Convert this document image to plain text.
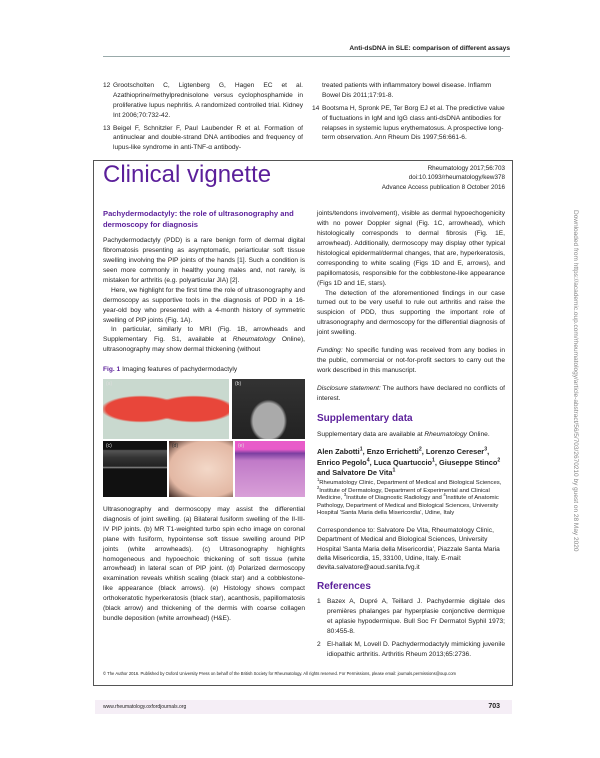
Anti-dsDNA in SLE: comparison of different assays
12 Grootscholten C, Ligtenberg G, Hagen EC et al. Azathioprine/methylprednisolone versus cyclophosphamide in proliferative lupus nephritis. A randomized controlled trial. Kidney Int 2006;70:732-42.
13 Beigel F, Schnitzler F, Paul Laubender R et al. Formation of antinuclear and double-strand DNA antibodies and frequency of lupus-like syndrome in anti-TNF-α antibody-
treated patients with inflammatory bowel disease. Inflamm Bowel Dis 2011;17:91-8.
14 Bootsma H, Spronk PE, Ter Borg EJ et al. The predictive value of fluctuations in IgM and IgG class anti-dsDNA antibodies for relapses in systemic lupus erythematosus. A prospective long-term observation. Ann Rheum Dis 1997;56:661-6.
Clinical vignette	Rheumatology 2017;56:703
doi:10.1093/rheumatology/kew378
Advance Access publication 8 October 2016
Pachydermodactyly: the role of ultrasonography and dermoscopy for diagnosis

Pachydermodactyly (PDD) is a rare benign form of dermal digital fibromatosis presenting as asymptomatic, periarticular soft tissue swelling involving the PIP joints of the hands [1]. Such a condition is seen more commonly in healthy young males and, not rarely, is mistaken for arthritis (e.g. polyarticular JIA) [2].

Here, we highlight for the first time the role of ultrasonography and dermoscopy as supportive tools in the diagnosis of PDD in a 16-year-old boy who presented with a 4-month history of symmetric swelling of PIP joints (Fig. 1A).

In particular, similarly to MRI (Fig. 1B, arrowheads and Supplementary Fig. S1, available at Rheumatology Online), ultrasonography may show dermal thickening (without

Fig. 1 Imaging features of pachydermodactyly
(a)	(b)
(c)	(d)	(e)

Ultrasonography and dermoscopy may assist the differential diagnosis of joint swelling. (a) Bilateral fusiform swelling of the II-III-IV PIP joints. (b) MR T1-weighted turbo spin echo image on coronal plane with fusiform, hypointense soft tissue swelling around PIP joints (white arrowheads). (c) Ultrasonography highlights homogeneous and hypoechoic thickening of soft tissue (white arrowhead) in lateral scan of PIP joint. (d) Polarized dermoscopy examination reveals whitish scaling (black star) and a cobblestone-like appearance (black arrows). (e) Histology shows compact orthokeratotic hyperkeratosis (black star), acanthosis, papillomatosis (black arrow) and thickening of the dermis with coarse collagen bundle deposition (white arrowhead) (H&E).

joints/tendons involvement), visible as dermal hypoechogenicity with no power Doppler signal (Fig. 1C, arrowhead), which histologically corresponds to dermal fibrosis (Fig. 1E, arrowhead). Additionally, dermoscopy may display other typical histological epidermal/dermal changes, that are, hyperkeratosis, corresponding to white scaling (Figs 1D and E, arrows), and papillomatosis, responsible for the cobblestone-like appearance (Figs 1D and 1E, stars).

The detection of the aforementioned findings in our case turned out to be very useful to rule out arthritis and raise the suspicion of PDD, thus supporting the important role of ultrasonography and dermoscopy for the differential diagnosis of joint swelling.

Funding: No specific funding was received from any bodies in the public, commercial or not-for-profit sectors to carry out the work described in this manuscript.

Disclosure statement: The authors have declared no conflicts of interest.

Supplementary data

Supplementary data are available at Rheumatology Online.

Alen Zabotti$^1$, Enzo Errichetti$^2$, Lorenzo Cereser$^3$, Enrico Pegolo$^4$, Luca Quartuccio$^1$, Giuseppe Stinco$^2$ and Salvatore De Vita$^1$
$^1$Rheumatology Clinic, Department of Medical and Biological Sciences, $^2$Institute of Dermatology, Department of Experimental and Clinical Medicine, $^3$Institute of Diagnostic Radiology and $^4$Institute of Anatomic Pathology, Department of Medical and Biological Sciences, University Hospital 'Santa Maria della Misericordia', Udine, Italy
Correspondence to: Salvatore De Vita, Rheumatology Clinic, Department of Medical and Biological Sciences, University Hospital 'Santa Maria della Misericordia', Piazzale Santa Maria della Misericordia, 15, 33100, Udine, Italy. E-mail: devita.salvatore@aoud.sanita.fvg.it
References
1 Bazex A, Dupré A, Teillard J. Pachydermie digitale des premières phalanges par hyperplasie conjonctive dermique et aplasie hypodermique. Bull Soc Fr Dermatol Syphil 1973; 80:455-8.
2 El-hallak M, Lovell D. Pachydermodactyly mimicking juvenile idiopathic arthritis. Arthritis Rheum 2013;65:2736.
© The Author 2016. Published by Oxford University Press on behalf of the British Society for Rheumatology. All rights reserved. For Permissions, please email: journals.permissions@oup.com
www.rheumatology.oxfordjournals.org	703
Downloaded from https://academic.oup.com/rheumatology/article-abstract/56/5/703/2670210 by guest on 28 May 2020
